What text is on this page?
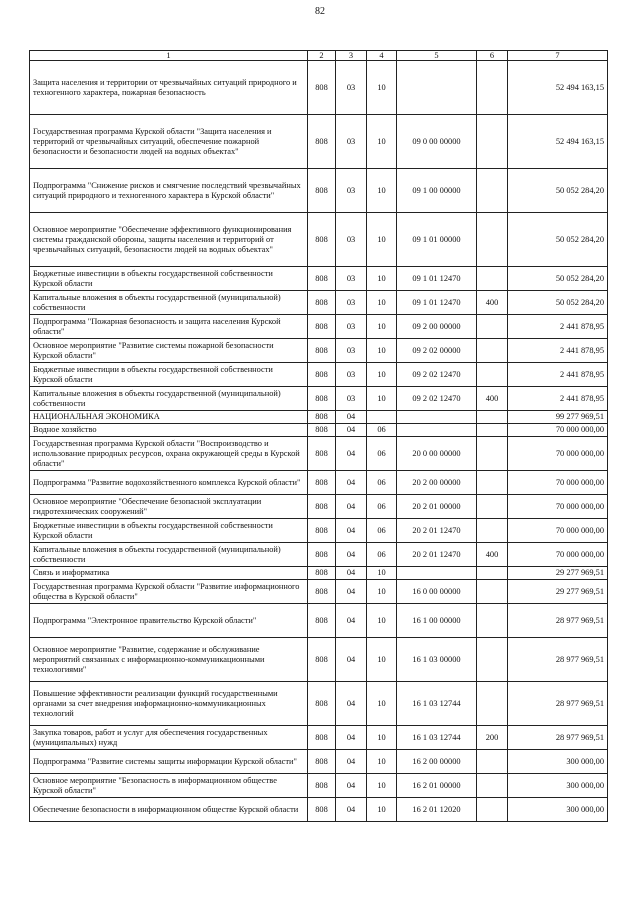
82
1	2	3	4	5	6	7
Защита населения и территории от чрезвычайных ситуаций природного и техногенного характера, пожарная безопасность	808	03	10			52 494 163,15
Государственная программа Курской области "Защита населения и территорий от чрезвычайных ситуаций, обеспечение пожарной безопасности и безопасности людей на водных объектах"	808	03	10	09 0 00 00000		52 494 163,15
Подпрограмма "Снижение рисков и смягчение последствий чрезвычайных ситуаций природного и техногенного характера в Курской области"	808	03	10	09 1 00 00000		50 052 284,20
Основное мероприятие "Обеспечение эффективного функционирования системы гражданской обороны, защиты населения и территорий от чрезвычайных ситуаций, безопасности людей на водных объектах"	808	03	10	09 1 01 00000		50 052 284,20
Бюджетные инвестиции в объекты государственной собственности Курской области	808	03	10	09 1 01 12470		50 052 284,20
Капитальные вложения в объекты государственной (муниципальной) собственности	808	03	10	09 1 01 12470	400	50 052 284,20
Подпрограмма "Пожарная безопасность и защита населения Курской области"	808	03	10	09 2 00 00000		2 441 878,95
Основное мероприятие "Развитие системы пожарной безопасности Курской области"	808	03	10	09 2 02 00000		2 441 878,95
Бюджетные инвестиции в объекты государственной собственности Курской области	808	03	10	09 2 02 12470		2 441 878,95
Капитальные вложения в объекты государственной (муниципальной) собственности	808	03	10	09 2 02 12470	400	2 441 878,95
НАЦИОНАЛЬНАЯ ЭКОНОМИКА	808	04				99 277 969,51
Водное хозяйство	808	04	06			70 000 000,00
Государственная программа Курской области "Воспроизводство и использование природных ресурсов, охрана окружающей среды в Курской области"	808	04	06	20 0 00 00000		70 000 000,00
Подпрограмма "Развитие водохозяйственного комплекса Курской области"	808	04	06	20 2 00 00000		70 000 000,00
Основное мероприятие "Обеспечение безопасной эксплуатации гидротехнических сооружений"	808	04	06	20 2 01 00000		70 000 000,00
Бюджетные инвестиции в объекты государственной собственности Курской области	808	04	06	20 2 01 12470		70 000 000,00
Капитальные вложения в объекты государственной (муниципальной) собственности	808	04	06	20 2 01 12470	400	70 000 000,00
Связь и информатика	808	04	10			29 277 969,51
Государственная программа Курской области "Развитие информационного общества в Курской области"	808	04	10	16 0 00 00000		29 277 969,51
Подпрограмма "Электронное правительство Курской области"	808	04	10	16 1 00 00000		28 977 969,51
Основное мероприятие "Развитие, содержание и обслуживание мероприятий связанных с информационно-коммуникационными технологиями"	808	04	10	16 1 03 00000		28 977 969,51
Повышение эффективности реализации функций государственными органами за счет внедрения информационно-коммуникационных технологий	808	04	10	16 1 03 12744		28 977 969,51
Закупка товаров, работ и услуг для обеспечения государственных (муниципальных) нужд	808	04	10	16 1 03 12744	200	28 977 969,51
Подпрограмма "Развитие системы защиты информации Курской области"	808	04	10	16 2 00 00000		300 000,00
Основное мероприятие "Безопасность в информационном обществе Курской области"	808	04	10	16 2 01 00000		300 000,00
Обеспечение безопасности в информационном обществе Курской области	808	04	10	16 2 01 12020		300 000,00
